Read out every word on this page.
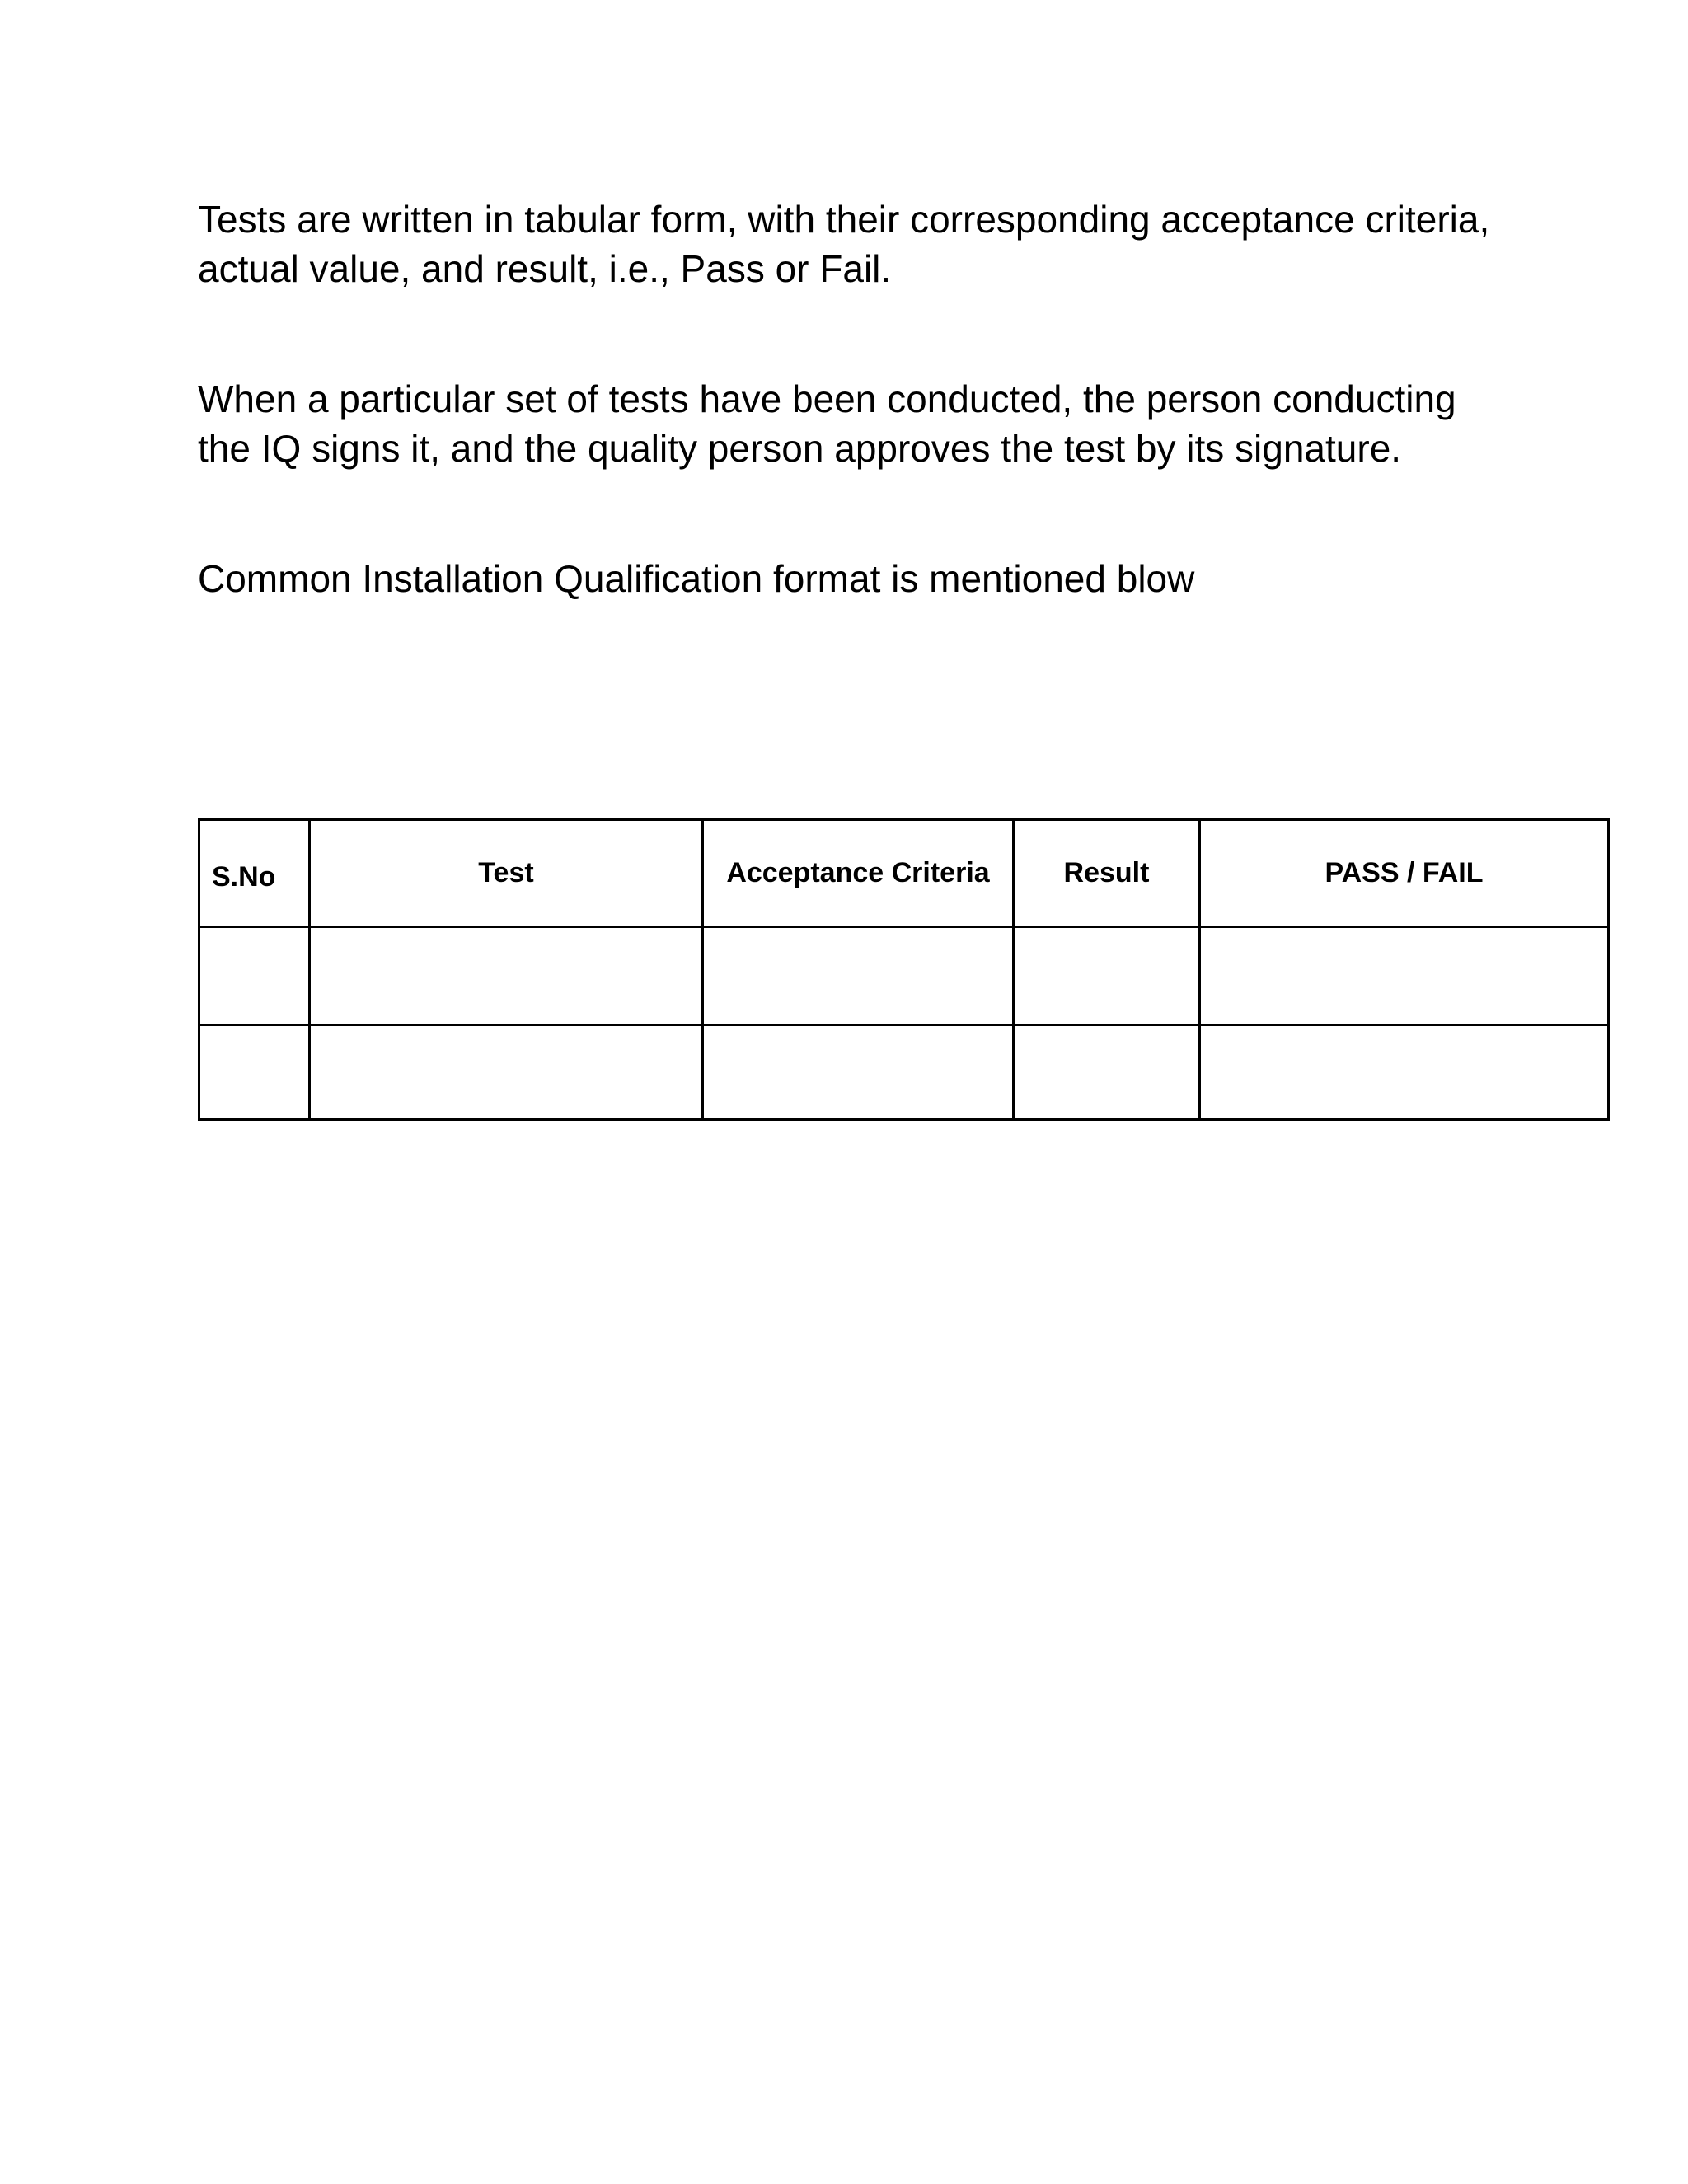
Tests are written in tabular form, with their corresponding acceptance criteria,
actual value, and result, i.e., Pass or Fail.

When a particular set of tests have been conducted, the person conducting
the IQ signs it, and the quality person approves the test by its signature.

Common Installation Qualification format is mentioned blow

S.No	Test	Acceptance Criteria	Result	PASS / FAIL
